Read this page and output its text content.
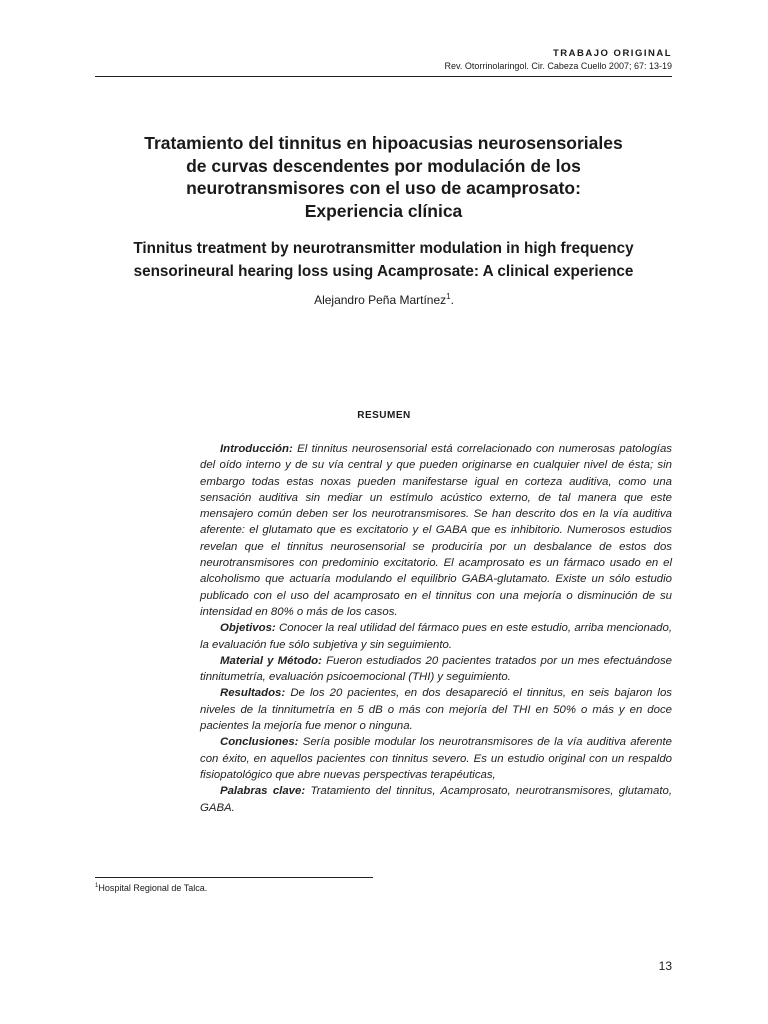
TRABAJO ORIGINAL
Rev. Otorrinolaringol. Cir. Cabeza Cuello 2007; 67: 13-19
Tratamiento del tinnitus en hipoacusias neurosensoriales
de curvas descendentes por modulación de los
neurotransmisores con el uso de acamprosato:
Experiencia clínica
Tinnitus treatment by neurotransmitter modulation in high frequency
sensorineural hearing loss using Acamprosate: A clinical experience
Alejandro Peña Martínez$^1$.
RESUMEN

Introducción: El tinnitus neurosensorial está correlacionado con numerosas patologías del oído interno y de su vía central y que pueden originarse en cualquier nivel de ésta; sin embargo todas estas noxas pueden manifestarse igual en corteza auditiva, como una sensación auditiva sin mediar un estímulo acústico externo, de tal manera que este mensajero común deben ser los neurotransmisores. Se han descrito dos en la vía auditiva aferente: el glutamato que es excitatorio y el GABA que es inhibitorio. Numerosos estudios revelan que el tinnitus neurosensorial se produciría por un desbalance de estos dos neurotransmisores con predominio excitatorio. El acamprosato es un fármaco usado en el alcoholismo que actuaría modulando el equilibrio GABA-glutamato. Existe un sólo estudio publicado con el uso del acamprosato en el tinnitus con una mejoría o disminución de su intensidad en 80% o más de los casos.

Objetivos: Conocer la real utilidad del fármaco pues en este estudio, arriba mencionado, la evaluación fue sólo subjetiva y sin seguimiento.

Material y Método: Fueron estudiados 20 pacientes tratados por un mes efectuándose tinnitumetría, evaluación psicoemocional (THI) y seguimiento.

Resultados: De los 20 pacientes, en dos desapareció el tinnitus, en seis bajaron los niveles de la tinnitumetría en 5 dB o más con mejoría del THI en 50% o más y en doce pacientes la mejoría fue menor o ninguna.

Conclusiones: Sería posible modular los neurotransmisores de la vía auditiva aferente con éxito, en aquellos pacientes con tinnitus severo. Es un estudio original con un respaldo fisiopatológico que abre nuevas perspectivas terapéuticas,

Palabras clave: Tratamiento del tinnitus, Acamprosato, neurotransmisores, glutamato, GABA.

$^1$Hospital Regional de Talca.
13
